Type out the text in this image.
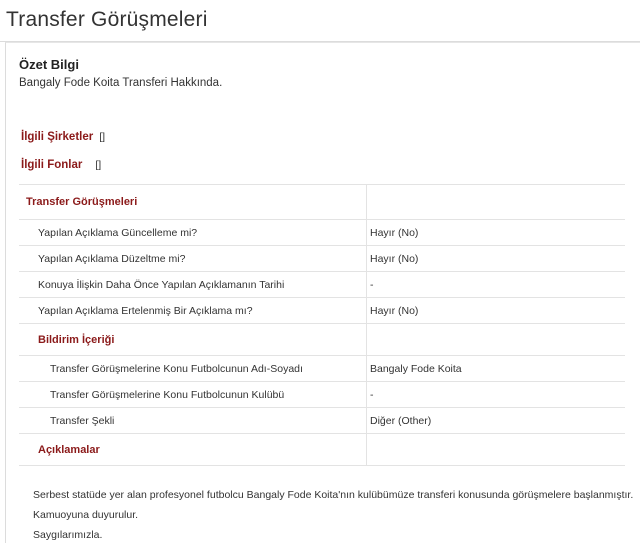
Transfer Görüşmeleri
Özet Bilgi
Bangaly Fode Koita Transferi Hakkında.
İlgili Şirketler []
İlgili Fonlar []
Transfer Görüşmeleri
Yapılan Açıklama Güncelleme mi?	Hayır (No)
Yapılan Açıklama Düzeltme mi?	Hayır (No)
Konuya İlişkin Daha Önce Yapılan Açıklamanın Tarihi	-
Yapılan Açıklama Ertelenmiş Bir Açıklama mı?	Hayır (No)
Bildirim İçeriği
Transfer Görüşmelerine Konu Futbolcunun Adı-Soyadı	Bangaly Fode Koita
Transfer Görüşmelerine Konu Futbolcunun Kulübü	-
Transfer Şekli	Diğer (Other)
Açıklamalar
Serbest statüde yer alan profesyonel futbolcu Bangaly Fode Koita'nın kulübümüze transferi konusunda görüşmelere başlanmıştır.
Kamuoyuna duyurulur.
Saygılarımızla.
